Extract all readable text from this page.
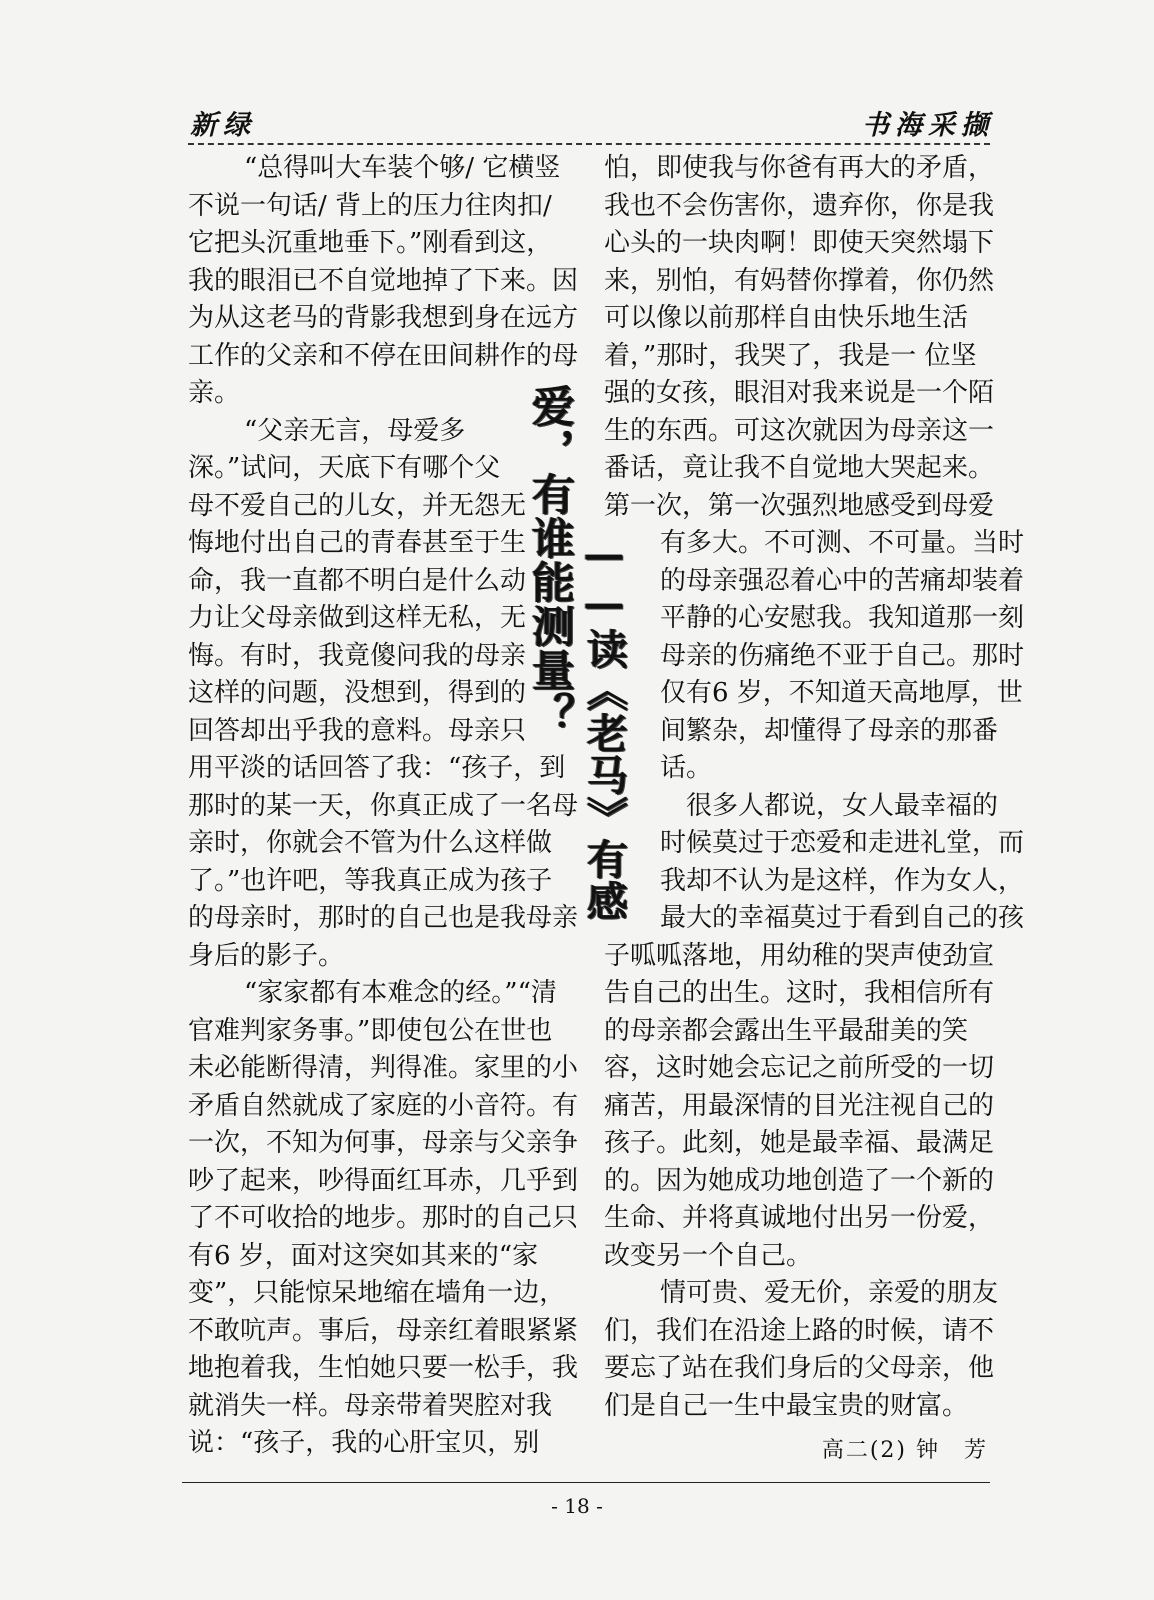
新绿	书海采撷
“总得叫大车装个够/ 它横竖
不说一句话/ 背上的压力往肉扣/
它把头沉重地垂下。”刚看到这，
我的眼泪已不自觉地掉了下来。因
为从这老马的背影我想到身在远方
工作的父亲和不停在田间耕作的母
亲。
“父亲无言，母爱多
深。”试问，天底下有哪个父
母不爱自己的儿女，并无怨无
悔地付出自己的青春甚至于生
命，我一直都不明白是什么动
力让父母亲做到这样无私，无
悔。有时，我竟傻问我的母亲
这样的问题，没想到，得到的
回答却出乎我的意料。母亲只
用平淡的话回答了我：“孩子，到
那时的某一天，你真正成了一名母
亲时，你就会不管为什么这样做
了。”也许吧，等我真正成为孩子
的母亲时，那时的自己也是我母亲
身后的影子。
“家家都有本难念的经。”“清
官难判家务事。”即使包公在世也
未必能断得清，判得准。家里的小
矛盾自然就成了家庭的小音符。有
一次，不知为何事，母亲与父亲争
吵了起来，吵得面红耳赤，几乎到
了不可收拾的地步。那时的自己只
有6 岁，面对这突如其来的“家
变”，只能惊呆地缩在墙角一边，
不敢吭声。事后，母亲红着眼紧紧
地抱着我，生怕她只要一松手，我
就消失一样。母亲带着哭腔对我
说：“孩子，我的心肝宝贝，别
爱，有谁能测量？ ——读《老马》有感
怕，即使我与你爸有再大的矛盾，
我也不会伤害你，遗弃你，你是我
心头的一块肉啊！即使天突然塌下
来，别怕，有妈替你撑着，你仍然
可以像以前那样自由快乐地生活
着，”那时，我哭了，我是一 位坚
强的女孩，眼泪对我来说是一个陌
生的东西。可这次就因为母亲这一
番话，竟让我不自觉地大哭起来。
第一次，第一次强烈地感受到母爱
有多大。不可测、不可量。当时
的母亲强忍着心中的苦痛却装着
平静的心安慰我。我知道那一刻
母亲的伤痛绝不亚于自己。那时
仅有6 岁，不知道天高地厚，世
间繁杂，却懂得了母亲的那番
话。
很多人都说，女人最幸福的
时候莫过于恋爱和走进礼堂，而
我却不认为是这样，作为女人，
最大的幸福莫过于看到自己的孩
子呱呱落地，用幼稚的哭声使劲宣
告自己的出生。这时，我相信所有
的母亲都会露出生平最甜美的笑
容，这时她会忘记之前所受的一切
痛苦，用最深情的目光注视自己的
孩子。此刻，她是最幸福、最满足
的。因为她成功地创造了一个新的
生命、并将真诚地付出另一份爱，
改变另一个自己。
情可贵、爱无价，亲爱的朋友
们，我们在沿途上路的时候，请不
要忘了站在我们身后的父母亲，他
们是自己一生中最宝贵的财富。
高二(2) 钟　芳
- 18 -
